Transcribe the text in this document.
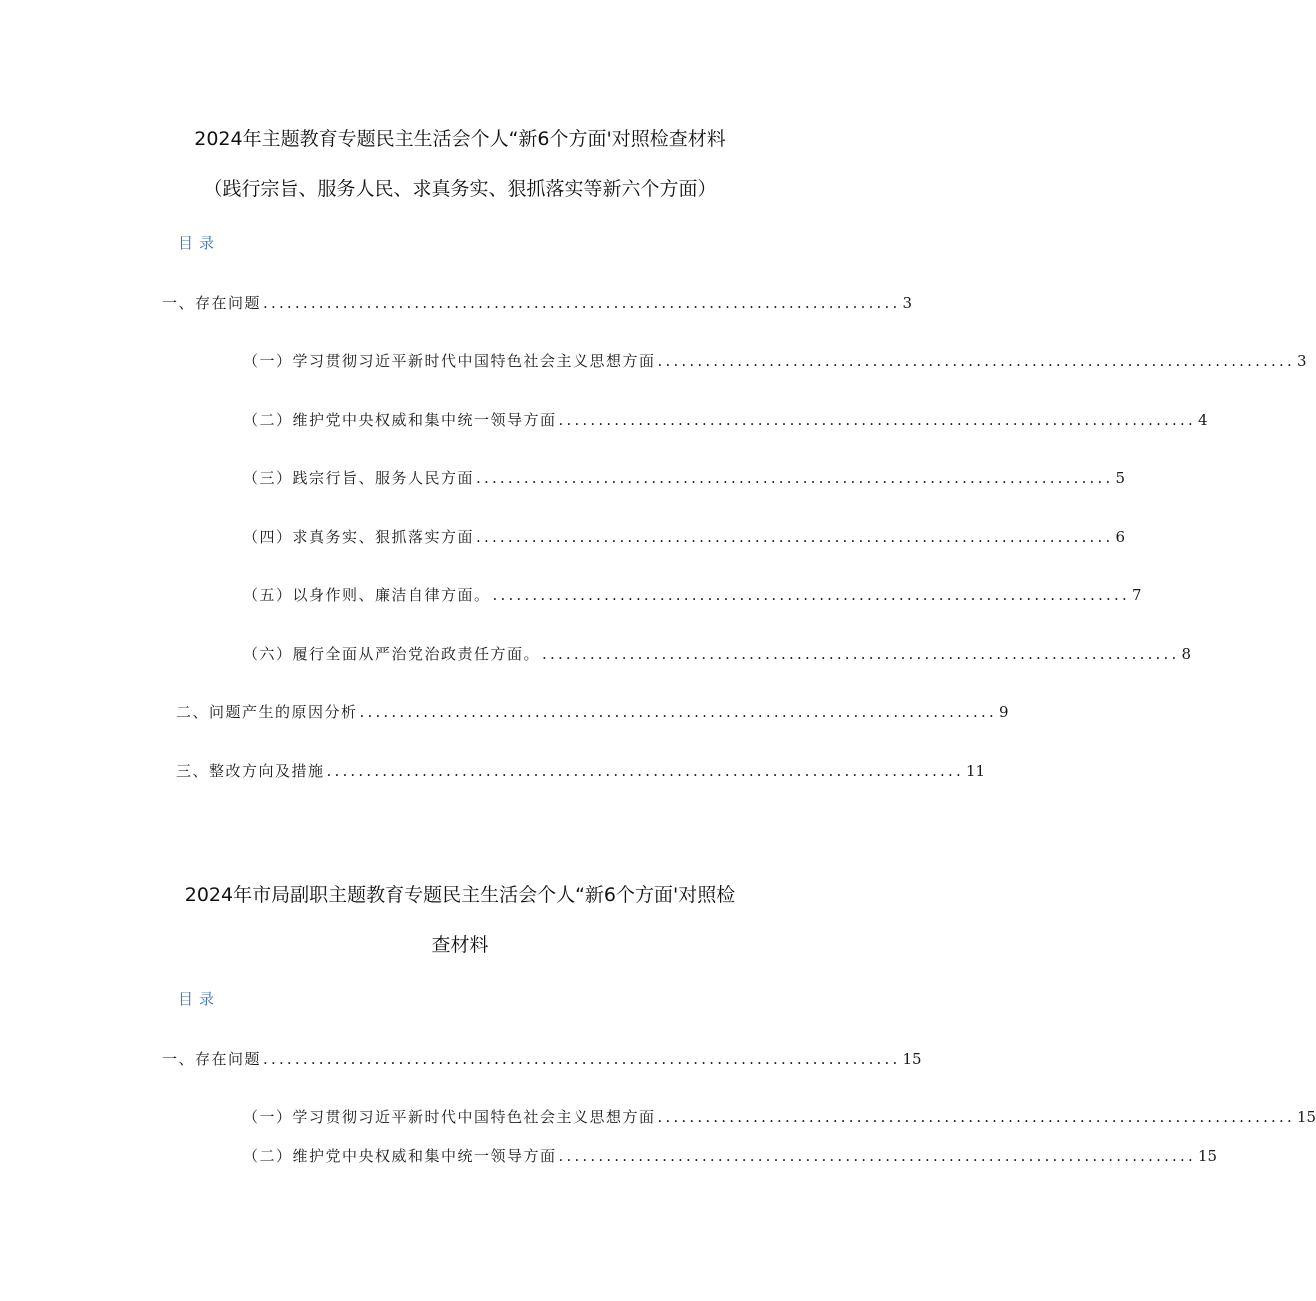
2024年主题教育专题民主生活会个人“新6个方面'对照检查材料
（践行宗旨、服务人民、求真务实、狠抓落实等新六个方面）
目录
一、存在问题 ................................................................................ 3
（一）学习贯彻习近平新时代中国特色社会主义思想方面 ................................................................................ 3
（二）维护党中央权威和集中统一领导方面 ................................................................................ 4
（三）践宗行旨、服务人民方面 ................................................................................ 5
（四）求真务实、狠抓落实方面 ................................................................................ 6
（五）以身作则、廉洁自律方面。 ................................................................................ 7
（六）履行全面从严治党治政责任方面。 ................................................................................ 8
二、问题产生的原因分析 ................................................................................ 9
三、整改方向及措施 ................................................................................ 11
2024年市局副职主题教育专题民主生活会个人“新6个方面'对照检
查材料
目录
一、存在问题 ................................................................................ 15
（一）学习贯彻习近平新时代中国特色社会主义思想方面 ................................................................................ 15
（二）维护党中央权威和集中统一领导方面 ................................................................................ 15
